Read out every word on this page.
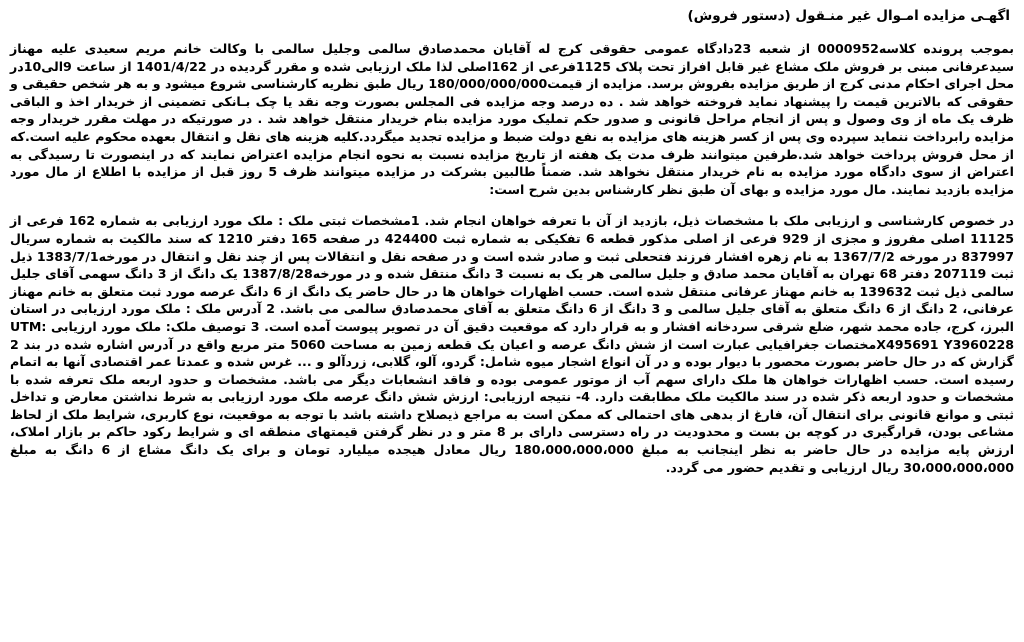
اگهـی مزایده امـوال غیر منـقول (دستور فروش)

بموجب پرونده کلاسه0000952 از شعبه 23دادگاه عمومی حقوقی کرج له آقایان محمدصادق سالمی وجلیل سالمی با وکالت خانم مریم سعیدی علیه مهناز سیدعرفانی مبنی بر فروش ملک مشاع غیر قابل افراز تحت پلاک 1125فرعی از 162اصلی لذا ملک ارزیابی شده و مقرر گردیده در 1401/4/22 از ساعت 9الی10در محل اجرای احکام مدنی کرج از طریق مزایده بفروش برسد. مزایده از قیمت180/000/000/000 ریال طبق نظریه کارشناسی شروع میشود و به هر شخص حقیقی و حقوقی که بالاترین قیمت را پیشنهاد نماید فروخته خواهد شد . ده درصد وجه مزایده فی المجلس بصورت وجه نقد یا چک بـانکی تضمینی از خریدار اخذ و الباقی ظرف یک ماه از وی وصول و پس از انجام مراحل قانونی و صدور حکم تملیک مورد مزایده بنام خریدار منتقل خواهد شد . در صورتیکه در مهلت مقرر خریدار وجه مزایده رابرداخت ننماید سپرده وی پس از کسر هزینه های مزایده به نفع دولت ضبط و مزایده تجدید میگردد.کلیه هزینه های نقل و انتقال بعهده محکوم علیه است.که از محل فروش پرداخت خواهد شد.طرفین میتوانند ظرف مدت یک هفته از تاریخ مزایده نسبت به نحوه انجام مزایده اعتراض نمایند که در اینصورت تا رسیدگی به اعتراض از سوی دادگاه مورد مزایده به نام خریدار منتقل نخواهد شد. ضمناً طالبین بشرکت در مزایده میتوانند ظرف 5 روز قبل از مزایده با اطلاع از مال مورد مزایده بازدید نمایند. مال مورد مزایده و بهای آن طبق نظر کارشناس بدین شرح است:

در خصوص کارشناسی و ارزیابی ملک با مشخصات ذیل، بازدید از آن با تعرفه خواهان انجام شد. 1مشخصات ثبتی ملک : ملک مورد ارزیابی به شماره 162 فرعی از 11125 اصلی مفروز و مجزی از 929 فرعی از اصلی مذکور قطعه 6 تفکیکی به شماره ثبت 424400 در صفحه 165 دفتر 1210 که سند مالکیت به شماره سریال 837997 در مورخه 1367/7/2 به نام زهره افشار فرزند فتحعلی ثبت و صادر شده است و در صفحه نقل و انتقالات پس از چند نقل و انتقال در مورخه1383/7/1 ذیل ثبت 207119 دفتر 68 تهران به آقایان محمد صادق و جلیل سالمی هر یک به نسبت 3 دانگ منتقل شده و در مورخه1387/8/28 یک دانگ از 3 دانگ سهمی آقای جلیل سالمی ذیل ثبت 139632 به خانم مهناز عرفانی منتقل شده است. حسب اظهارات خواهان ها در حال حاضر یک دانگ از 6 دانگ عرصه مورد ثبت متعلق به خانم مهناز عرفانی، 2 دانگ از 6 دانگ متعلق به آقای جلیل سالمی و 3 دانگ از 6 دانگ متعلق به آقای محمدصادق سالمی می باشد. 2 آدرس ملک : ملک مورد ارزیابی در استان البرز، کرج، جاده محمد شهر، ضلع شرقی سردخانه افشار و به قرار دارد که موقعیت دقیق آن در تصویر پیوست آمده است. 3 توصیف ملک: ملک مورد ارزیابی UTM: X495691 Y3960228مختصات جغرافیایی عبارت است از شش دانگ عرصه و اعیان یک قطعه زمین به مساحت 5060 متر مربع واقع در آدرس اشاره شده در بند 2 گزارش که در حال حاضر بصورت محصور با دیوار بوده و در آن انواع اشجار میوه شامل: گردو، آلو، گلابی، زردآلو و ... غرس شده و عمدتا عمر اقتصادی آنها به اتمام رسیده است. حسب اظهارات خواهان ها ملک دارای سهم آب از موتور عمومی بوده و فاقد انشعابات دیگر می باشد. مشخصات و حدود اربعه ملک تعرفه شده با مشخصات و حدود اربعه ذکر شده در سند مالکیت ملک مطابقت دارد. 4- نتیجه ارزیابی: ارزش شش دانگ عرصه ملک مورد ارزیابی به شرط نداشتن معارض و تداخل ثبتی و موانع قانونی برای انتقال آن، فارغ از بدهی های احتمالی که ممکن است به مراجع ذیصلاح داشته باشد با توجه به موقعیت، نوع کاربری، شرایط ملک از لحاظ مشاعی بودن، قرارگیری در کوچه بن بست و محدودیت در راه دسترسی دارای بر 8 متر و در نظر گرفتن قیمتهای منطقه ای و شرایط رکود حاکم بر بازار املاک، ارزش پایه مزایده در حال حاضر به نظر اینجانب به مبلغ 180،000،000،000 ریال معادل هیجده میلیارد تومان و برای یک دانگ مشاع از 6 دانگ به مبلغ 30،000،000،000 ریال ارزیابی و تقدیم حضور می گردد.
